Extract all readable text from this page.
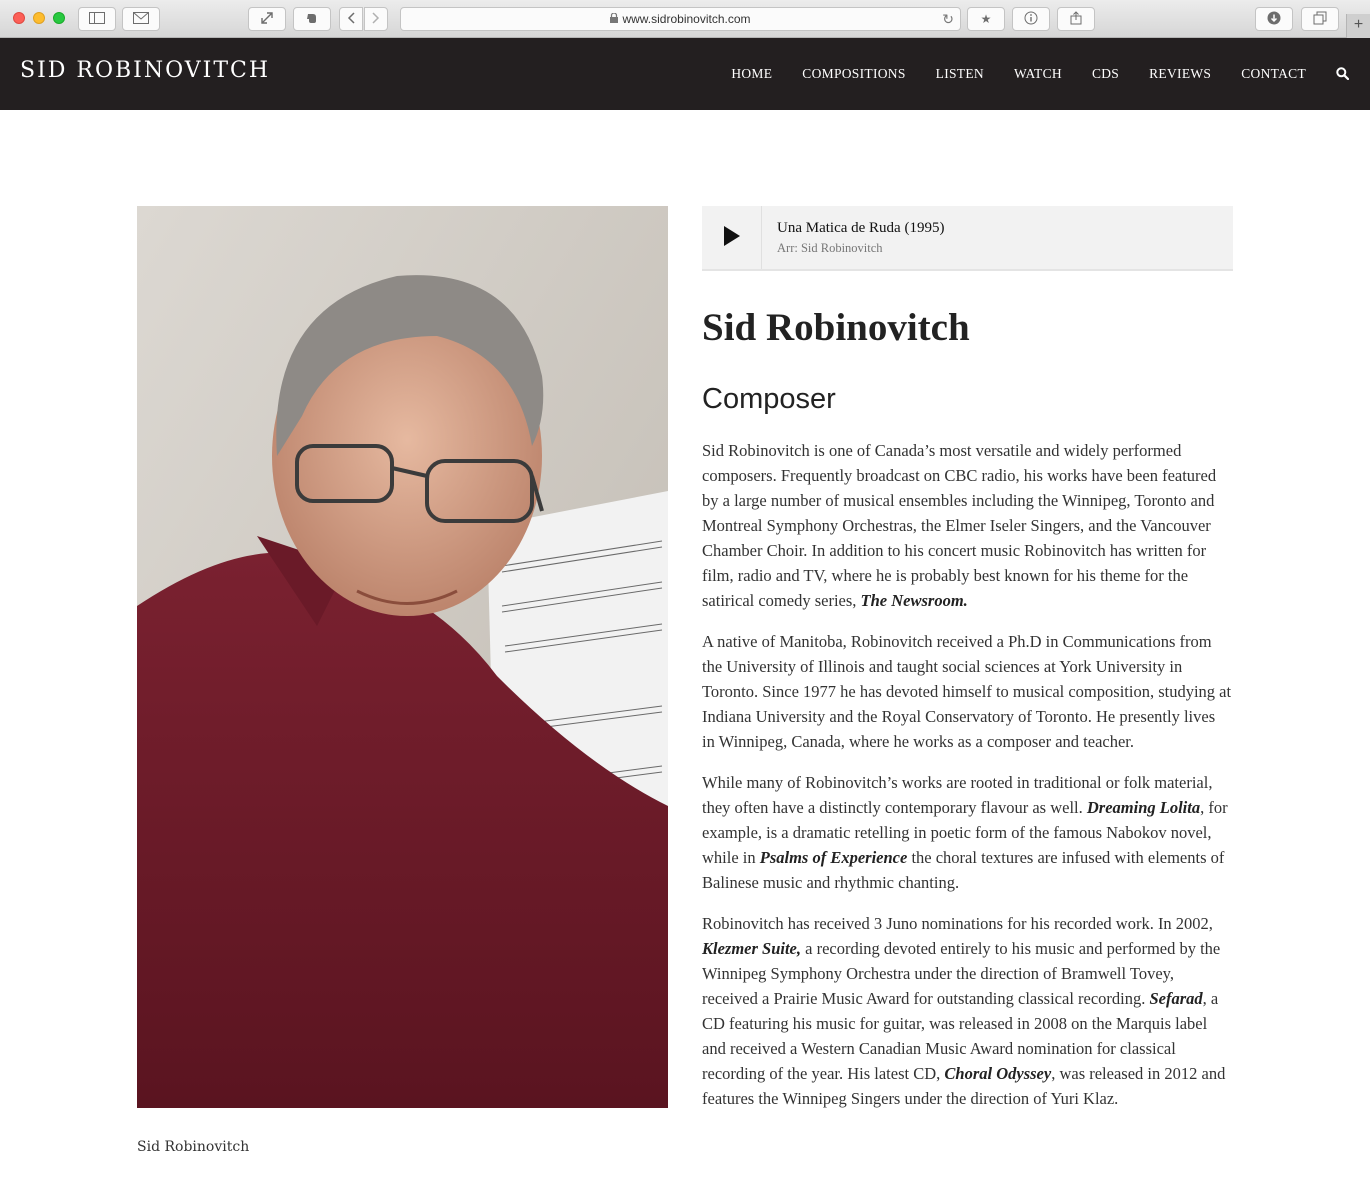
www.sidrobinovitch.com	↻ ★	+
SID ROBINOVITCH	HOME COMPOSITIONS LISTEN WATCH CDS REVIEWS CONTACT
Sid Robinovitch
Una Matica de Ruda (1995)
Arr: Sid Robinovitch
Sid Robinovitch
Composer

Sid Robinovitch is one of Canada’s most versatile and widely performed composers. Frequently broadcast on CBC radio, his works have been featured by a large number of musical ensembles including the Winnipeg, Toronto and Montreal Symphony Orchestras, the Elmer Iseler Singers, and the Vancouver Chamber Choir. In addition to his concert music Robinovitch has written for film, radio and TV, where he is probably best known for his theme for the satirical comedy series, The Newsroom.

A native of Manitoba, Robinovitch received a Ph.D in Communications from the University of Illinois and taught social sciences at York University in Toronto. Since 1977 he has devoted himself to musical composition, studying at Indiana University and the Royal Conservatory of Toronto. He presently lives in Winnipeg, Canada, where he works as a composer and teacher.

While many of Robinovitch’s works are rooted in traditional or folk material, they often have a distinctly contemporary flavour as well. Dreaming Lolita, for example, is a dramatic retelling in poetic form of the famous Nabokov novel, while in Psalms of Experience the choral textures are infused with elements of Balinese music and rhythmic chanting.

Robinovitch has received 3 Juno nominations for his recorded work. In 2002, Klezmer Suite, a recording devoted entirely to his music and performed by the Winnipeg Symphony Orchestra under the direction of Bramwell Tovey, received a Prairie Music Award for outstanding classical recording. Sefarad, a CD featuring his music for guitar, was released in 2008 on the Marquis label and received a Western Canadian Music Award nomination for classical recording of the year. His latest CD, Choral Odyssey, was released in 2012 and features the Winnipeg Singers under the direction of Yuri Klaz.
